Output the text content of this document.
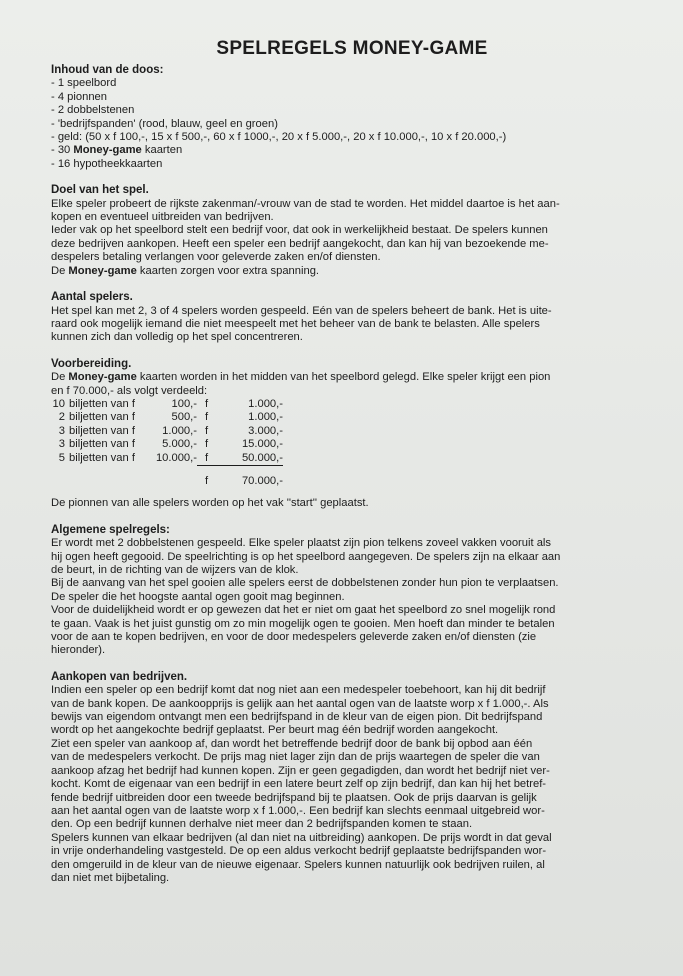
SPELREGELS MONEY-GAME
Inhoud van de doos:
- 1 speelbord
- 4 pionnen
- 2 dobbelstenen
- 'bedrijfspanden' (rood, blauw, geel en groen)
- geld: (50 x f 100,-, 15 x f 500,-, 60 x f 1000,-, 20 x f 5.000,-, 20 x f 10.000,-, 10 x f 20.000,-)
- 30 Money-game kaarten
- 16 hypotheekkaarten
Doel van het spel.
Elke speler probeert de rijkste zakenman/-vrouw van de stad te worden. Het middel daartoe is het aan-
kopen en eventueel uitbreiden van bedrijven.
Ieder vak op het speelbord stelt een bedrijf voor, dat ook in werkelijkheid bestaat. De spelers kunnen
deze bedrijven aankopen. Heeft een speler een bedrijf aangekocht, dan kan hij van bezoekende me-
despelers betaling verlangen voor geleverde zaken en/of diensten.
De Money-game kaarten zorgen voor extra spanning.
Aantal spelers.
Het spel kan met 2, 3 of 4 spelers worden gespeeld. Eén van de spelers beheert de bank. Het is uite-
raard ook mogelijk iemand die niet meespeelt met het beheer van de bank te belasten. Alle spelers
kunnen zich dan volledig op het spel concentreren.
Voorbereiding.
De Money-game kaarten worden in het midden van het speelbord gelegd. Elke speler krijgt een pion
en f 70.000,- als volgt verdeeld:
10	biljetten van f	100,-	f	1.000,-
2	biljetten van f	500,-	f	1.000,-
3	biljetten van f	1.000,-	f	3.000,-
3	biljetten van f	5.000,-	f	15.000,-
5	biljetten van f	10.000,-	f	50.000,-
			f	70.000,-
De pionnen van alle spelers worden op het vak ''start'' geplaatst.
Algemene spelregels:
Er wordt met 2 dobbelstenen gespeeld. Elke speler plaatst zijn pion telkens zoveel vakken vooruit als
hij ogen heeft gegooid. De speelrichting is op het speelbord aangegeven. De spelers zijn na elkaar aan
de beurt, in de richting van de wijzers van de klok.
Bij de aanvang van het spel gooien alle spelers eerst de dobbelstenen zonder hun pion te verplaatsen.
De speler die het hoogste aantal ogen gooit mag beginnen.
Voor de duidelijkheid wordt er op gewezen dat het er niet om gaat het speelbord zo snel mogelijk rond
te gaan. Vaak is het juist gunstig om zo min mogelijk ogen te gooien. Men hoeft dan minder te betalen
voor de aan te kopen bedrijven, en voor de door medespelers geleverde zaken en/of diensten (zie
hieronder).
Aankopen van bedrijven.
Indien een speler op een bedrijf komt dat nog niet aan een medespeler toebehoort, kan hij dit bedrijf
van de bank kopen. De aankoopprijs is gelijk aan het aantal ogen van de laatste worp x f 1.000,-. Als
bewijs van eigendom ontvangt men een bedrijfspand in de kleur van de eigen pion. Dit bedrijfspand
wordt op het aangekochte bedrijf geplaatst. Per beurt mag één bedrijf worden aangekocht.
Ziet een speler van aankoop af, dan wordt het betreffende bedrijf door de bank bij opbod aan één
van de medespelers verkocht. De prijs mag niet lager zijn dan de prijs waartegen de speler die van
aankoop afzag het bedrijf had kunnen kopen. Zijn er geen gegadigden, dan wordt het bedrijf niet ver-
kocht. Komt de eigenaar van een bedrijf in een latere beurt zelf op zijn bedrijf, dan kan hij het betref-
fende bedrijf uitbreiden door een tweede bedrijfspand bij te plaatsen. Ook de prijs daarvan is gelijk
aan het aantal ogen van de laatste worp x f 1.000,-. Een bedrijf kan slechts eenmaal uitgebreid wor-
den. Op een bedrijf kunnen derhalve niet meer dan 2 bedrijfspanden komen te staan.
Spelers kunnen van elkaar bedrijven (al dan niet na uitbreiding) aankopen. De prijs wordt in dat geval
in vrije onderhandeling vastgesteld. De op een aldus verkocht bedrijf geplaatste bedrijfspanden wor-
den omgeruild in de kleur van de nieuwe eigenaar. Spelers kunnen natuurlijk ook bedrijven ruilen, al
dan niet met bijbetaling.
